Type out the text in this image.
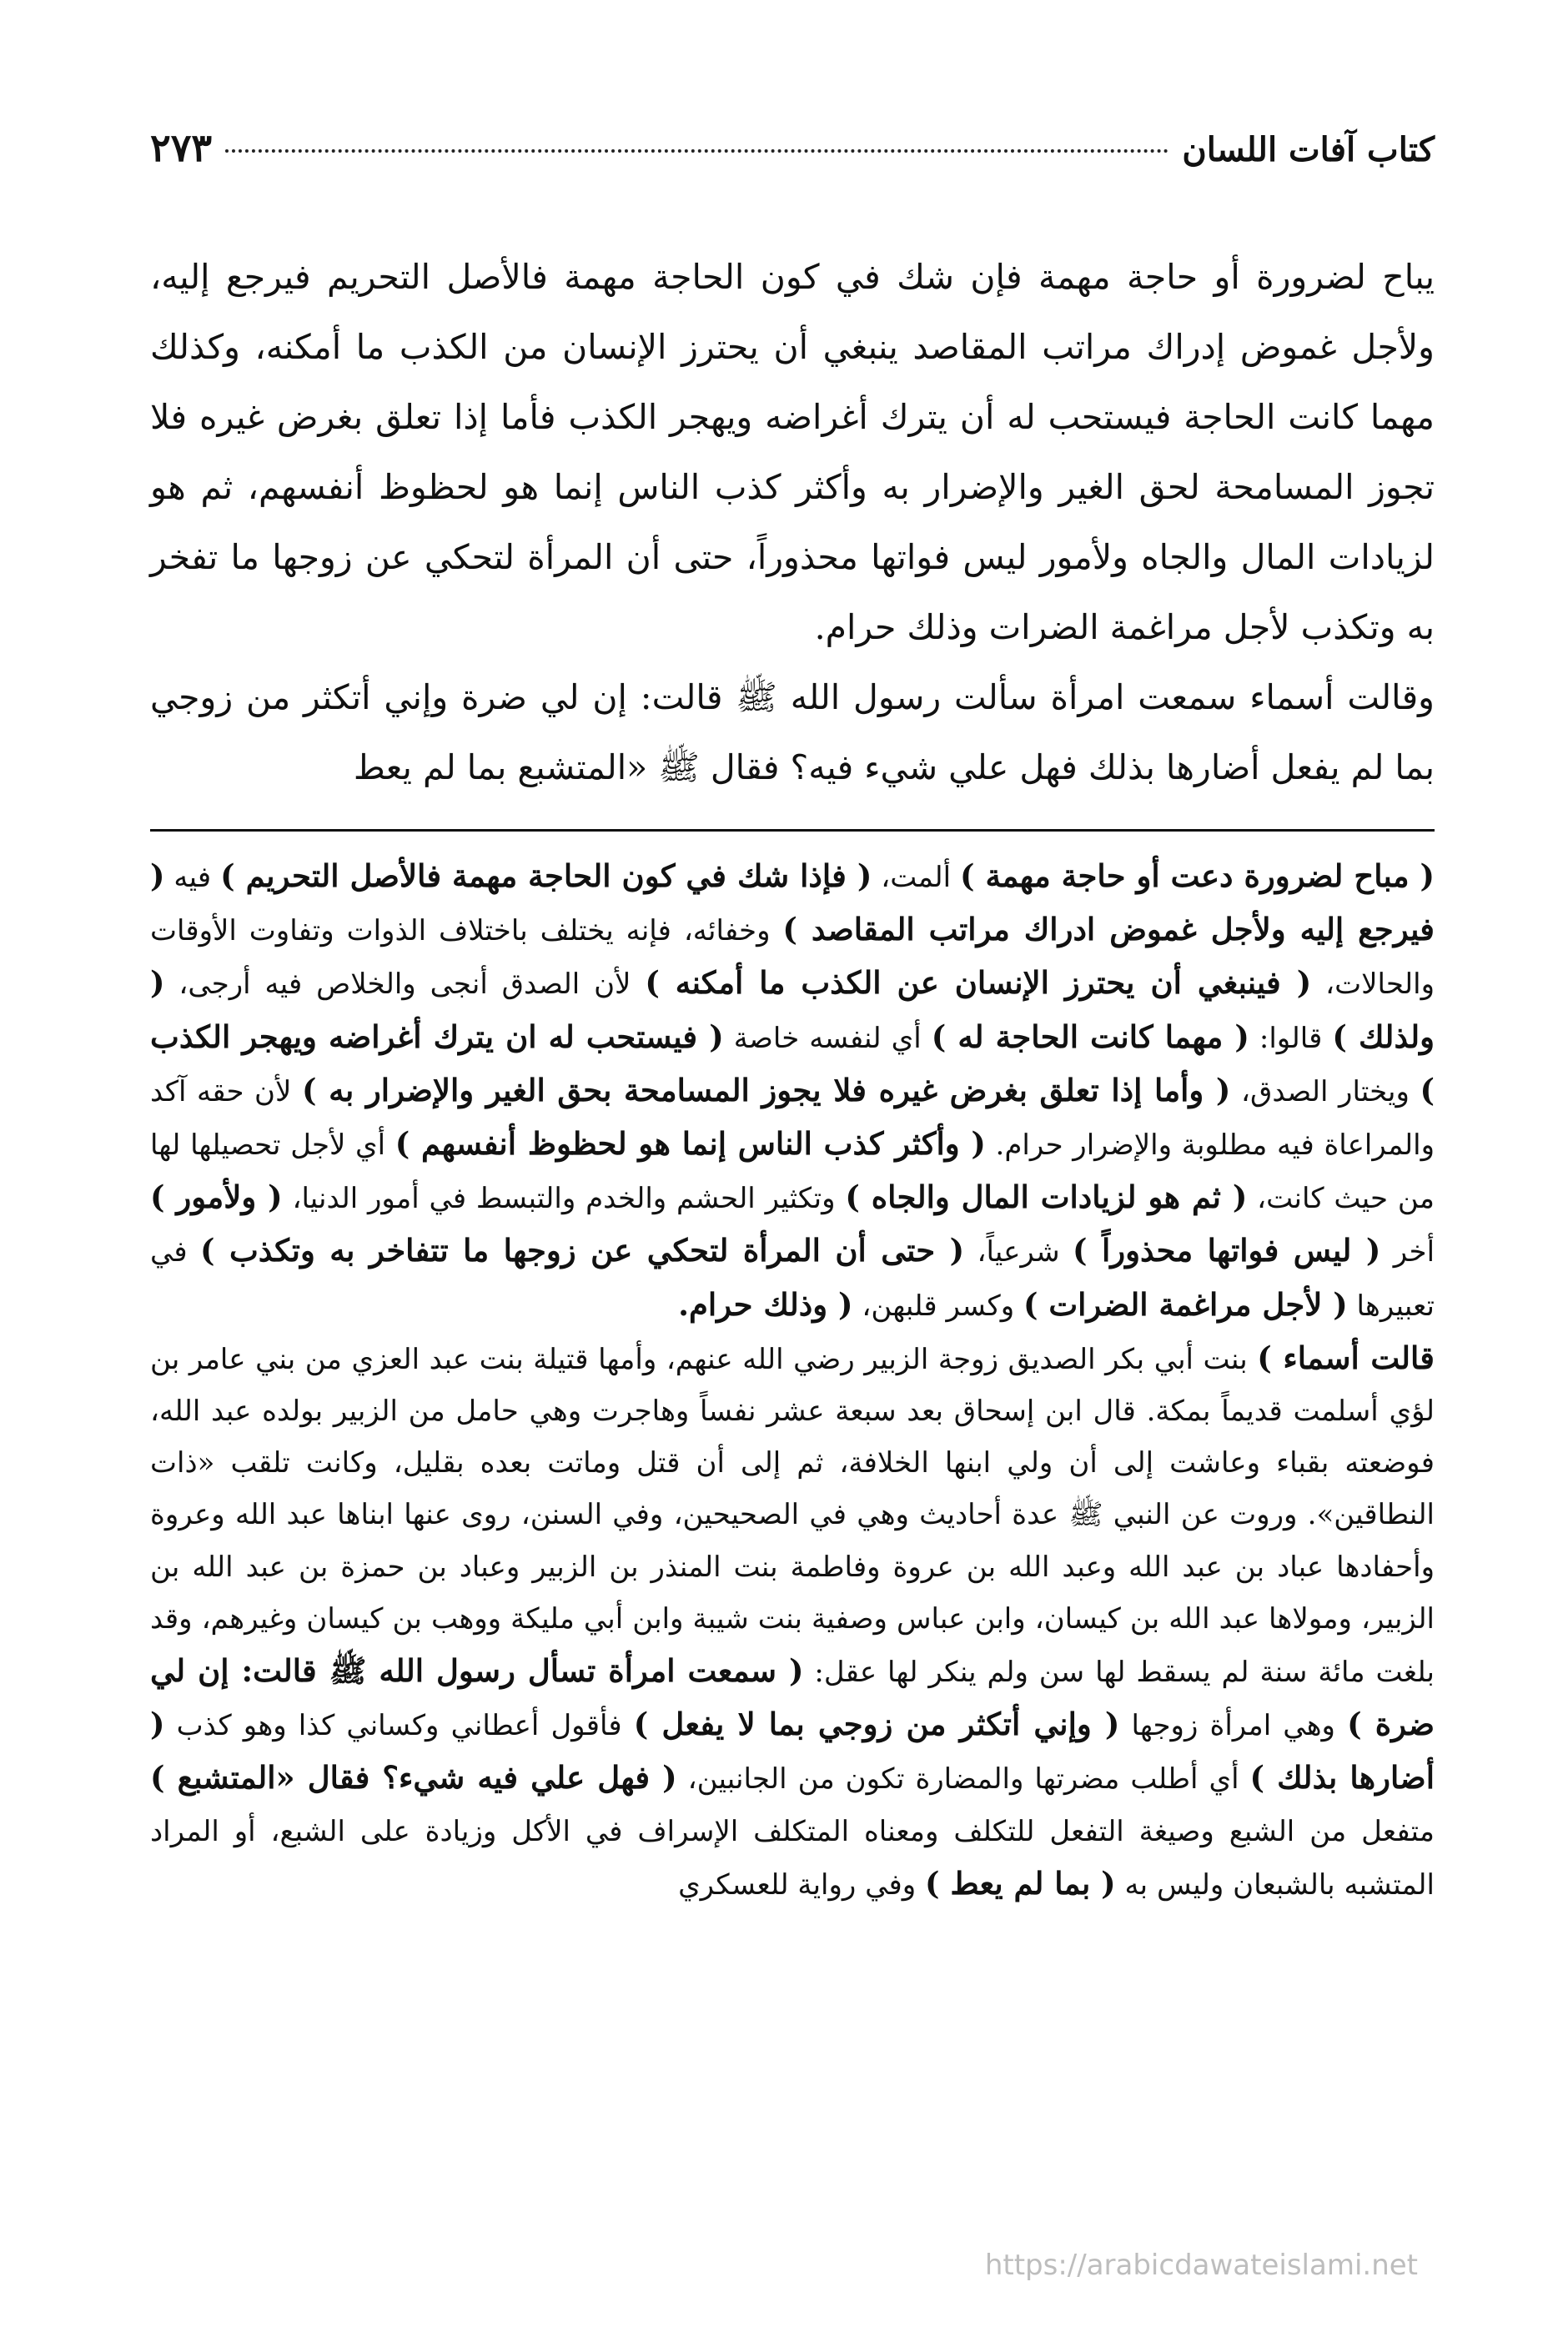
كتاب آفات اللسان
٢٧٣

يباح لضرورة أو حاجة مهمة فإن شك في كون الحاجة مهمة فالأصل التحريم فيرجع إليه، ولأجل غموض إدراك مراتب المقاصد ينبغي أن يحترز الإنسان من الكذب ما أمكنه، وكذلك مهما كانت الحاجة فيستحب له أن يترك أغراضه ويهجر الكذب فأما إذا تعلق بغرض غيره فلا تجوز المسامحة لحق الغير والإضرار به وأكثر كذب الناس إنما هو لحظوظ أنفسهم، ثم هو لزيادات المال والجاه ولأمور ليس فواتها محذوراً، حتى أن المرأة لتحكي عن زوجها ما تفخر به وتكذب لأجل مراغمة الضرات وذلك حرام.

وقالت أسماء سمعت امرأة سألت رسول الله ﷺ قالت: إن لي ضرة وإني أتكثر من زوجي بما لم يفعل أضارها بذلك فهل علي شيء فيه؟ فقال ﷺ «المتشبع بما لم يعط

( مباح لضرورة دعت أو حاجة مهمة ) ألمت، ( فإذا شك في كون الحاجة مهمة فالأصل التحريم ) فيه ( فيرجع إليه ولأجل غموض ادراك مراتب المقاصد ) وخفائه، فإنه يختلف باختلاف الذوات وتفاوت الأوقات والحالات، ( فينبغي أن يحترز الإنسان عن الكذب ما أمكنه ) لأن الصدق أنجى والخلاص فيه أرجى، ( ولذلك ) قالوا: ( مهما كانت الحاجة له ) أي لنفسه خاصة ( فيستحب له ان يترك أغراضه ويهجر الكذب ) ويختار الصدق، ( وأما إذا تعلق بغرض غيره فلا يجوز المسامحة بحق الغير والإضرار به ) لأن حقه آكد والمراعاة فيه مطلوبة والإضرار حرام. ( وأكثر كذب الناس إنما هو لحظوظ أنفسهم ) أي لأجل تحصيلها لها من حيث كانت، ( ثم هو لزيادات المال والجاه ) وتكثير الحشم والخدم والتبسط في أمور الدنيا، ( ولأمور ) أخر ( ليس فواتها محذوراً ) شرعياً، ( حتى أن المرأة لتحكي عن زوجها ما تتفاخر به وتكذب ) في تعبيرها ( لأجل مراغمة الضرات ) وكسر قلبهن، ( وذلك حرام.

قالت أسماء ) بنت أبي بكر الصديق زوجة الزبير رضي الله عنهم، وأمها قتيلة بنت عبد العزي من بني عامر بن لؤي أسلمت قديماً بمكة. قال ابن إسحاق بعد سبعة عشر نفساً وهاجرت وهي حامل من الزبير بولده عبد الله، فوضعته بقباء وعاشت إلى أن ولي ابنها الخلافة، ثم إلى أن قتل وماتت بعده بقليل، وكانت تلقب «ذات النطاقين». وروت عن النبي ﷺ عدة أحاديث وهي في الصحيحين، وفي السنن، روى عنها ابناها عبد الله وعروة وأحفادها عباد بن عبد الله وعبد الله بن عروة وفاطمة بنت المنذر بن الزبير وعباد بن حمزة بن عبد الله بن الزبير، ومولاها عبد الله بن كيسان، وابن عباس وصفية بنت شيبة وابن أبي مليكة ووهب بن كيسان وغيرهم، وقد بلغت مائة سنة لم يسقط لها سن ولم ينكر لها عقل: ( سمعت امرأة تسأل رسول الله ﷺ قالت: إن لي ضرة ) وهي امرأة زوجها ( وإني أتكثر من زوجي بما لا يفعل ) فأقول أعطاني وكساني كذا وهو كذب ( أضارها بذلك ) أي أطلب مضرتها والمضارة تكون من الجانبين، ( فهل علي فيه شيء؟ فقال «المتشبع ) متفعل من الشبع وصيغة التفعل للتكلف ومعناه المتكلف الإسراف في الأكل وزيادة على الشبع، أو المراد المتشبه بالشبعان وليس به ( بما لم يعط ) وفي رواية للعسكري

https://arabicdawateislami.net
